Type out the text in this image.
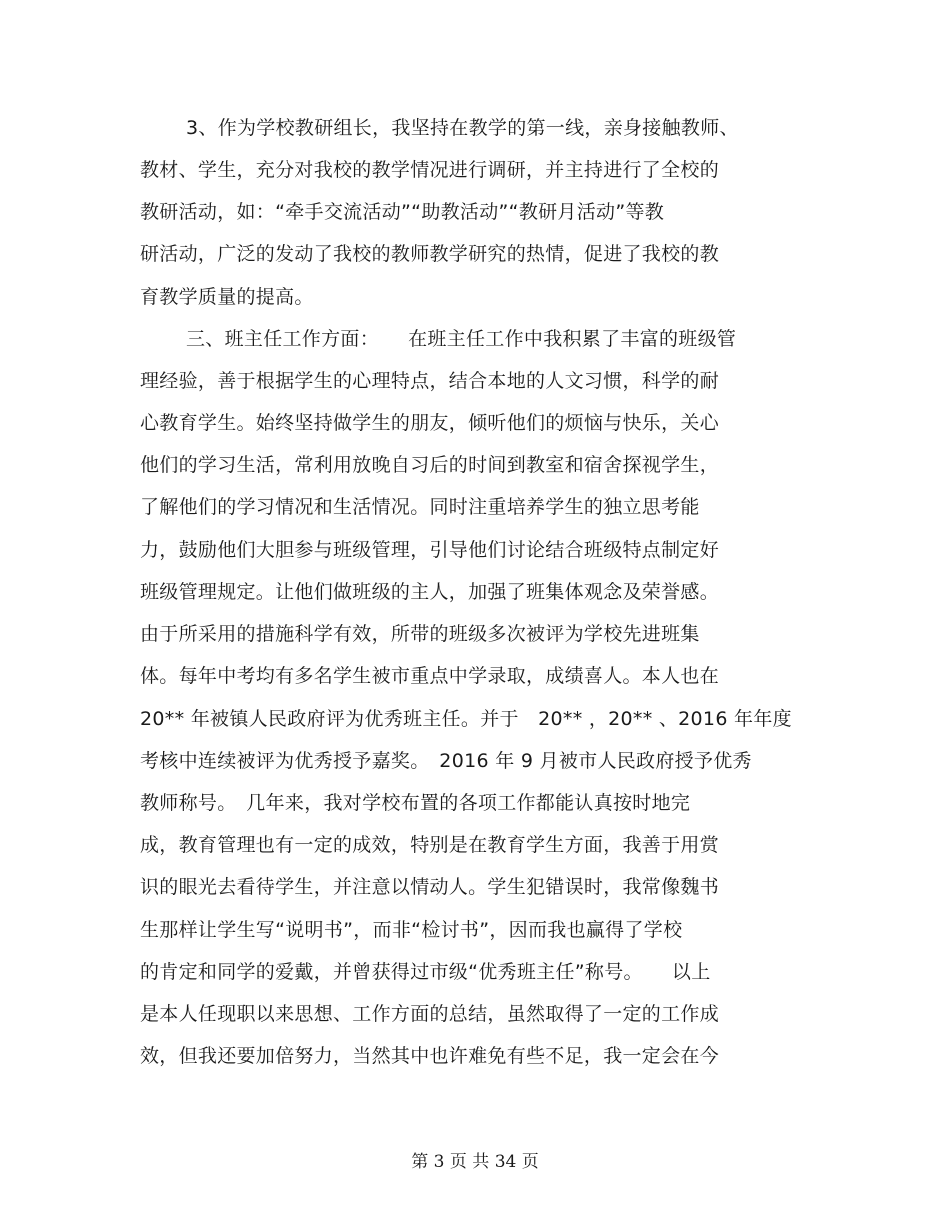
3、作为学校教研组长，我坚持在教学的第一线，亲身接触教师、
教材、学生，充分对我校的教学情况进行调研，并主持进行了全校的
教研活动，如：“牵手交流活动”“助教活动”“教研月活动”等教
研活动，广泛的发动了我校的教师教学研究的热情，促进了我校的教
育教学质量的提高。
三、班主任工作方面：　　在班主任工作中我积累了丰富的班级管
理经验，善于根据学生的心理特点，结合本地的人文习惯，科学的耐
心教育学生。始终坚持做学生的朋友，倾听他们的烦恼与快乐，关心
他们的学习生活，常利用放晚自习后的时间到教室和宿舍探视学生，
了解他们的学习情况和生活情况。同时注重培养学生的独立思考能
力，鼓励他们大胆参与班级管理，引导他们讨论结合班级特点制定好
班级管理规定。让他们做班级的主人，加强了班集体观念及荣誉感。
由于所采用的措施科学有效，所带的班级多次被评为学校先进班集
体。每年中考均有多名学生被市重点中学录取，成绩喜人。本人也在
20** 年被镇人民政府评为优秀班主任。并于　20** ，20** 、2016 年年度
考核中连续被评为优秀授予嘉奖。　2016 年 9 月被市人民政府授予优秀
教师称号。　几年来，我对学校布置的各项工作都能认真按时地完
成，教育管理也有一定的成效，特别是在教育学生方面，我善于用赏
识的眼光去看待学生，并注意以情动人。学生犯错误时，我常像魏书
生那样让学生写“说明书”，而非“检讨书”，因而我也赢得了学校
的肯定和同学的爱戴，并曾获得过市级“优秀班主任”称号。　　以上
是本人任现职以来思想、工作方面的总结，虽然取得了一定的工作成
效，但我还要加倍努力，当然其中也许难免有些不足，我一定会在今
第 3 页 共 34 页
